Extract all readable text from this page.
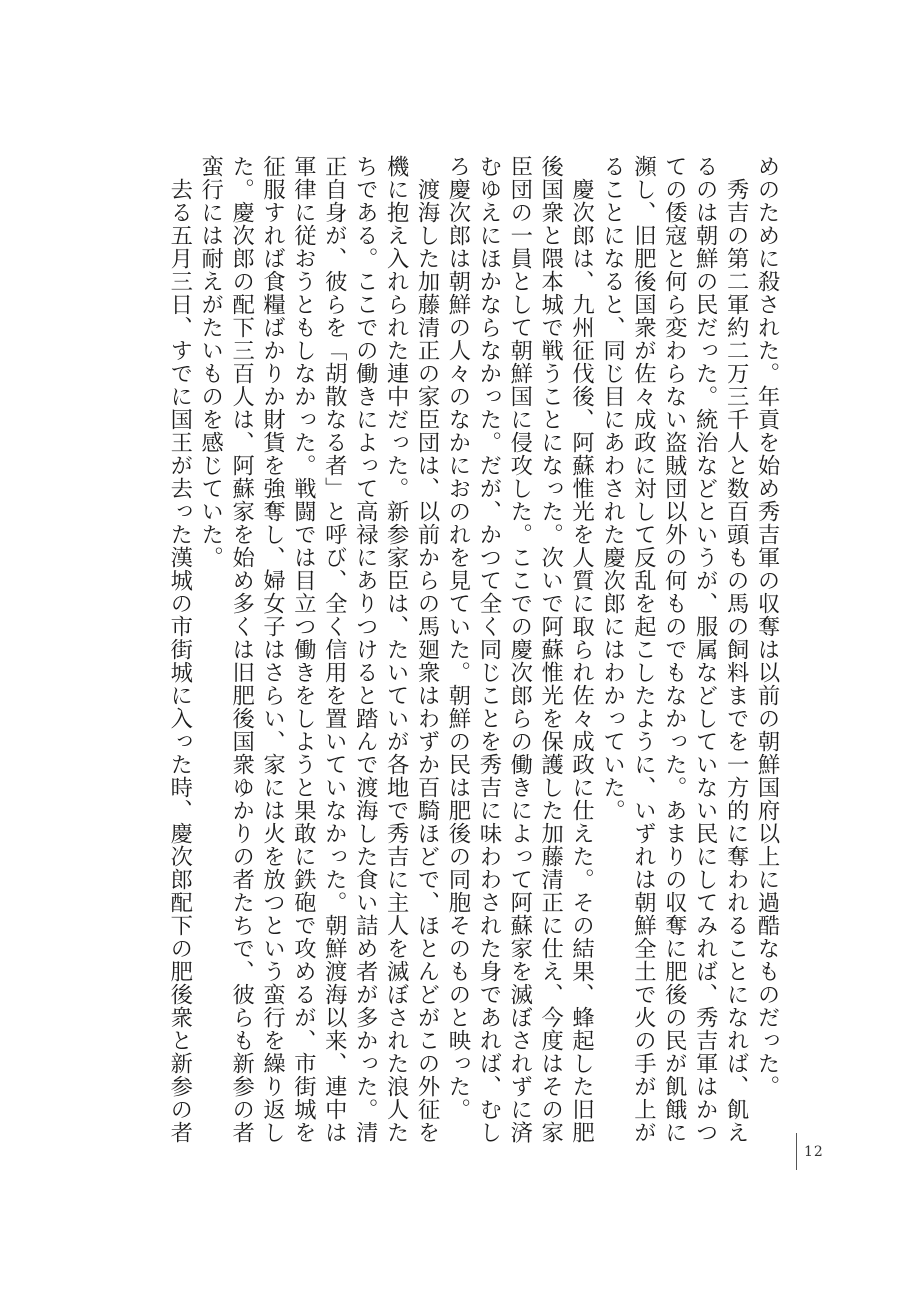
めのために殺された。年貢を始め秀吉軍の収奪は以前の朝鮮国府以上に過酷なものだった。

秀吉の第二軍約二万三千人と数百頭もの馬の飼料までを一方的に奪われることになれば、飢え

るのは朝鮮の民だった。統治などというが、服属などしていない民にしてみれば、秀吉軍はかつ

ての倭寇と何ら変わらない盗賊団以外の何ものでもなかった。あまりの収奪に肥後の民が飢餓に

瀕し、旧肥後国衆が佐々成政に対して反乱を起こしたように、いずれは朝鮮全土で火の手が上が

ることになると、同じ目にあわされた慶次郎にはわかっていた。

慶次郎は、九州征伐後、阿蘇惟光を人質に取られ佐々成政に仕えた。その結果、蜂起した旧肥

後国衆と隈本城で戦うことになった。次いで阿蘇惟光を保護した加藤清正に仕え、今度はその家

臣団の一員として朝鮮国に侵攻した。ここでの慶次郎らの働きによって阿蘇家を滅ぼされずに済

むゆえにほかならなかった。だが、かつて全く同じことを秀吉に味わわされた身であれば、むし

ろ慶次郎は朝鮮の人々のなかにおのれを見ていた。朝鮮の民は肥後の同胞そのものと映った。

渡海した加藤清正の家臣団は、以前からの馬廻衆はわずか百騎ほどで、ほとんどがこの外征を

機に抱え入れられた連中だった。新参家臣は、たいていが各地で秀吉に主人を滅ぼされた浪人た

ちである。ここでの働きによって高禄にありつけると踏んで渡海した食い詰め者が多かった。清

正自身が、彼らを「胡散なる者」と呼び、全く信用を置いていなかった。朝鮮渡海以来、連中は

軍律に従おうともしなかった。戦闘では目立つ働きをしようと果敢に鉄砲で攻めるが、市街城を

征服すれば食糧ばかりか財貨を強奪し、婦女子はさらい、家には火を放つという蛮行を繰り返し

た。慶次郎の配下三百人は、阿蘇家を始め多くは旧肥後国衆ゆかりの者たちで、彼らも新参の者

蛮行には耐えがたいものを感じていた。

去る五月三日、すでに国王が去った漢城の市街城に入った時、慶次郎配下の肥後衆と新参の者

12
